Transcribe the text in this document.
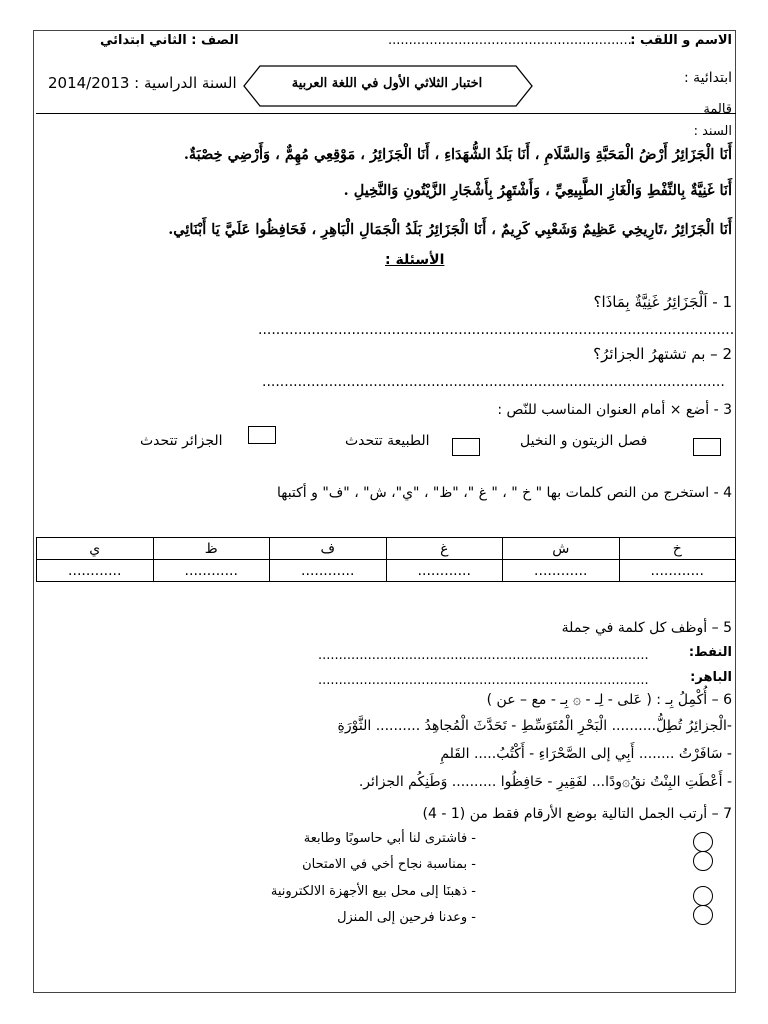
الاسم و اللقب :
...........................................................
الصف : الثاني ابتدائي
ابتدائية :
قالمة
اختبار الثلاثي الأول في اللغة العربية
السنة الدراسية : 2014/2013
السند :
أَنَا الْجَزَائِرُ أَرْضُ الْمَحَبَّةِ وَالسَّلَامِ ، أَنَا بَلَدُ الشُّهَدَاءِ ، أَنَا الْجَزَائِرُ ، مَوْقِعِي مُهِمٌّ ، وَأَرْضِي خِصْبَةٌ.
أَنَا غَنِيَّةٌ بِالنِّفْطِ وَالْغَازِ الطَّبِيعِيِّ ، وَأَشْتَهِرُ بِأَشْجَارِ الزَّيْتُونِ وَالنَّخِيلِ .
أَنَا الْجَزَائِرُ ،تَارِيخِي عَظِيمٌ وَشَعْبِي كَرِيمٌ ، أَنَا الْجَزَائِرُ بَلَدُ الْجَمَالِ الْبَاهِرِ ، فَحَافِظُوا عَلَيَّ يَا أَبْنَائِي.
الأسئلة :
1 - اَلْجَزَائِرُ غَنِيَّةٌ بِمَاذَا؟
...........................................................................................................
2 – بم تشتهرُ الجزائرُ؟
........................................................................................................
3 - أضع × أمام العنوان المناسب للنّص :
فصل الزيتون و النخيل
الطبيعة تتحدث
الجزائر تتحدث
4 - استخرج من النص كلمات بها " خ " ، " غ "، "ظ" ، "ي"، ش" ، "ف" و أكتبها
خ	ش	غ	ف	ظ	ي
............	............	............	............	............	............
5 – أوظف كل كلمة في جملة
النفط:
................................................................................
الباهر:
................................................................................
6 – أُكْمِلُ بِـ : ( عَلى - لِـ - ۞ بِـ - مع – عن )
-الْجزائِرُ تُطِلُّ.......... الْبَحْرِ الْمُتَوَسِّطِ - تَحَدَّثَ الْمُجاهِدُ .......... الثَّوْرَةِ
- سَافَرْتُ ........ أَبِي إلى الصَّحْرَاءِ - أَكْتُبُ..... القَلمِ
- أَعْطَتِ البِنْتُ نقُ۞ودًا... لفَقِيرِ - حَافِظُوا .......... وَطَنِكُم الجزائر.
7 – أرتب الجمل التالية بوضع الأرقام فقط من (1 - 4)
- فاشترى لنا أبي حاسوبًا وطابعة
- بمناسبة نجاح أخي في الامتحان
- ذهبنَا إلى محل بيع الأجهزة الالكترونية
- وعدنا فرحين إلى المنزل
